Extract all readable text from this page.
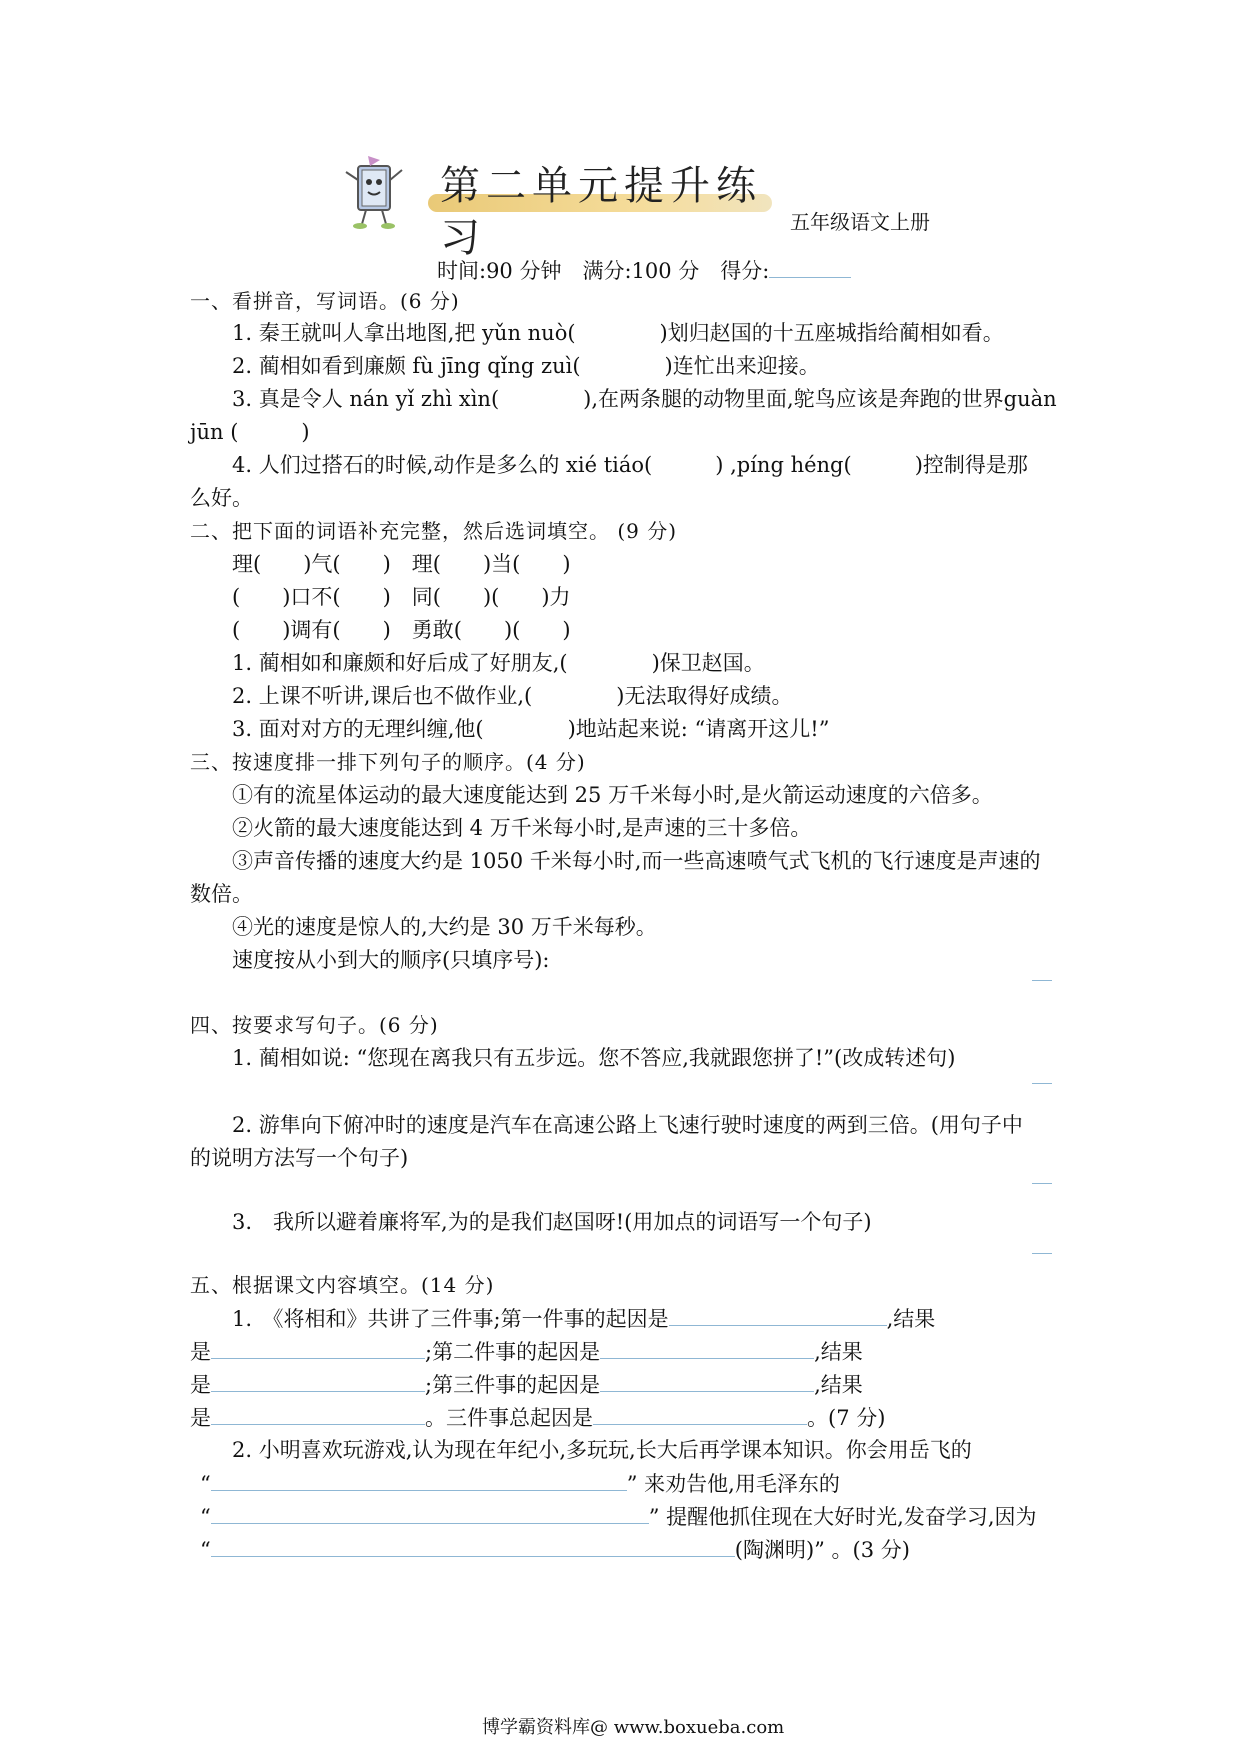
第二单元提升练习	五年级语文上册
时间:90 分钟　满分:100 分　得分:
一、看拼音，写词语。(6 分)
1. 秦王就叫人拿出地图,把 yǔn nuò(　　　　)划归赵国的十五座城指给蔺相如看。
2. 蔺相如看到廉颇 fù jīng qǐng zuì(　　　　)连忙出来迎接。
3. 真是令人 nán yǐ zhì xìn(　　　　),在两条腿的动物里面,鸵鸟应该是奔跑的世界guàn
jūn (　　　)
4. 人们过搭石的时候,动作是多么的 xié tiáo(　　　) ,píng héng(　　　)控制得是那
么好。
二、把下面的词语补充完整，然后选词填空。 (9 分)
理(　　)气(　　)　理(　　)当(　　)
(　　)口不(　　)　同(　　)(　　)力
(　　)调有(　　)　勇敢(　　)(　　)
1. 蔺相如和廉颇和好后成了好朋友,(　　　　)保卫赵国。
2. 上课不听讲,课后也不做作业,(　　　　)无法取得好成绩。
3. 面对对方的无理纠缠,他(　　　　)地站起来说: “请离开这儿!”
三、按速度排一排下列句子的顺序。(4 分)
①有的流星体运动的最大速度能达到 25 万千米每小时,是火箭运动速度的六倍多。
②火箭的最大速度能达到 4 万千米每小时,是声速的三十多倍。
③声音传播的速度大约是 1050 千米每小时,而一些高速喷气式飞机的飞行速度是声速的
数倍。
④光的速度是惊人的,大约是 30 万千米每秒。
速度按从小到大的顺序(只填序号):
四、按要求写句子。(6 分)
1. 蔺相如说: “您现在离我只有五步远。您不答应,我就跟您拼了!”(改成转述句)
2. 游隼向下俯冲时的速度是汽车在高速公路上飞速行驶时速度的两到三倍。(用句子中
的说明方法写一个句子)
3.　我所以避着廉将军,为的是我们赵国呀!(用加点的词语写一个句子)
五、根据课文内容填空。(14 分)
1.　《将相和》共讲了三件事;第一件事的起因是	,结果
是	;第二件事的起因是	,结果
是	;第三件事的起因是	,结果
是	。三件事总起因是	。(7 分)
2. 小明喜欢玩游戏,认为现在年纪小,多玩玩,长大后再学课本知识。你会用岳飞的
“	” 来劝告他,用毛泽东的
“	” 提醒他抓住现在大好时光,发奋学习,因为
“	(陶渊明)” 。(3 分)
博学霸资料库@ www.boxueba.com
